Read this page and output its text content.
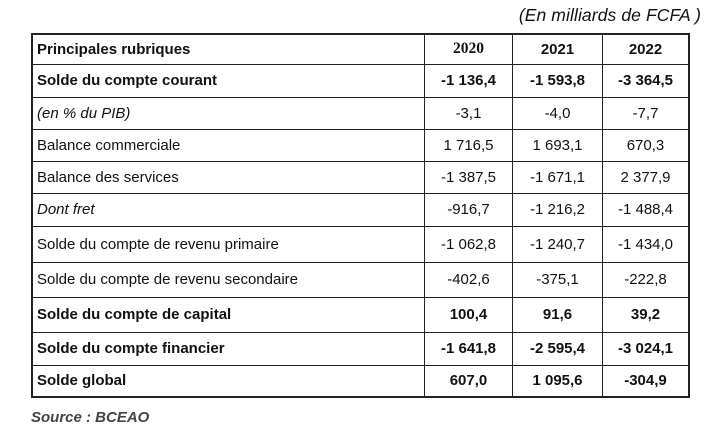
(En milliards de FCFA )
Principales rubriques	2020	2021	2022
Solde du compte courant	-1 136,4	-1 593,8	-3 364,5
(en % du PIB)	-3,1	-4,0	-7,7
Balance commerciale	1 716,5	1 693,1	670,3
Balance des services	-1 387,5	-1 671,1	2 377,9
Dont fret	-916,7	-1 216,2	-1 488,4
Solde du compte de revenu primaire	-1 062,8	-1 240,7	-1 434,0
Solde du compte de revenu secondaire	-402,6	-375,1	-222,8
Solde du compte de capital	100,4	91,6	39,2
Solde du compte financier	-1 641,8	-2 595,4	-3 024,1
Solde global	607,0	1 095,6	-304,9
Source : BCEAO
